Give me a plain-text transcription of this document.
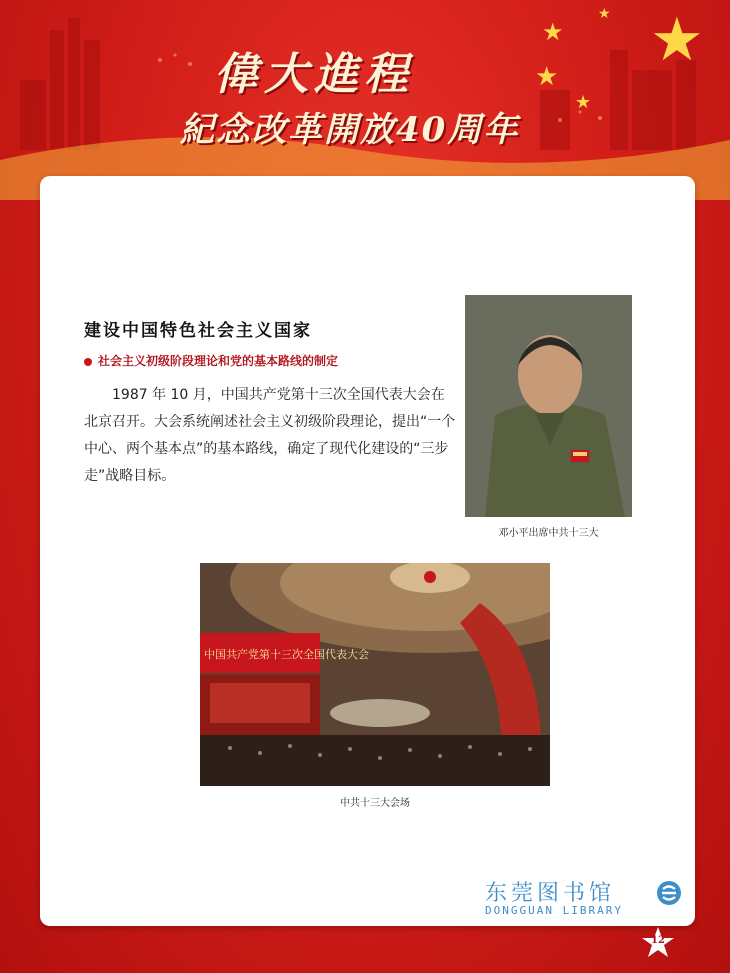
★
★
★
★
★
偉大進程
紀念改革開放40周年
建设中国特色社会主义国家
社会主义初级阶段理论和党的基本路线的制定
1987 年 10 月，中国共产党第十三次全国代表大会在北京召开。大会系统阐述社会主义初级阶段理论，提出“一个中心、两个基本点”的基本路线，确定了现代化建设的“三步走”战略目标。
邓小平出席中共十三大
中国共产党第十三次全国代表大会
中共十三大会场
东莞图书馆
DONGGUAN LIBRARY
12
